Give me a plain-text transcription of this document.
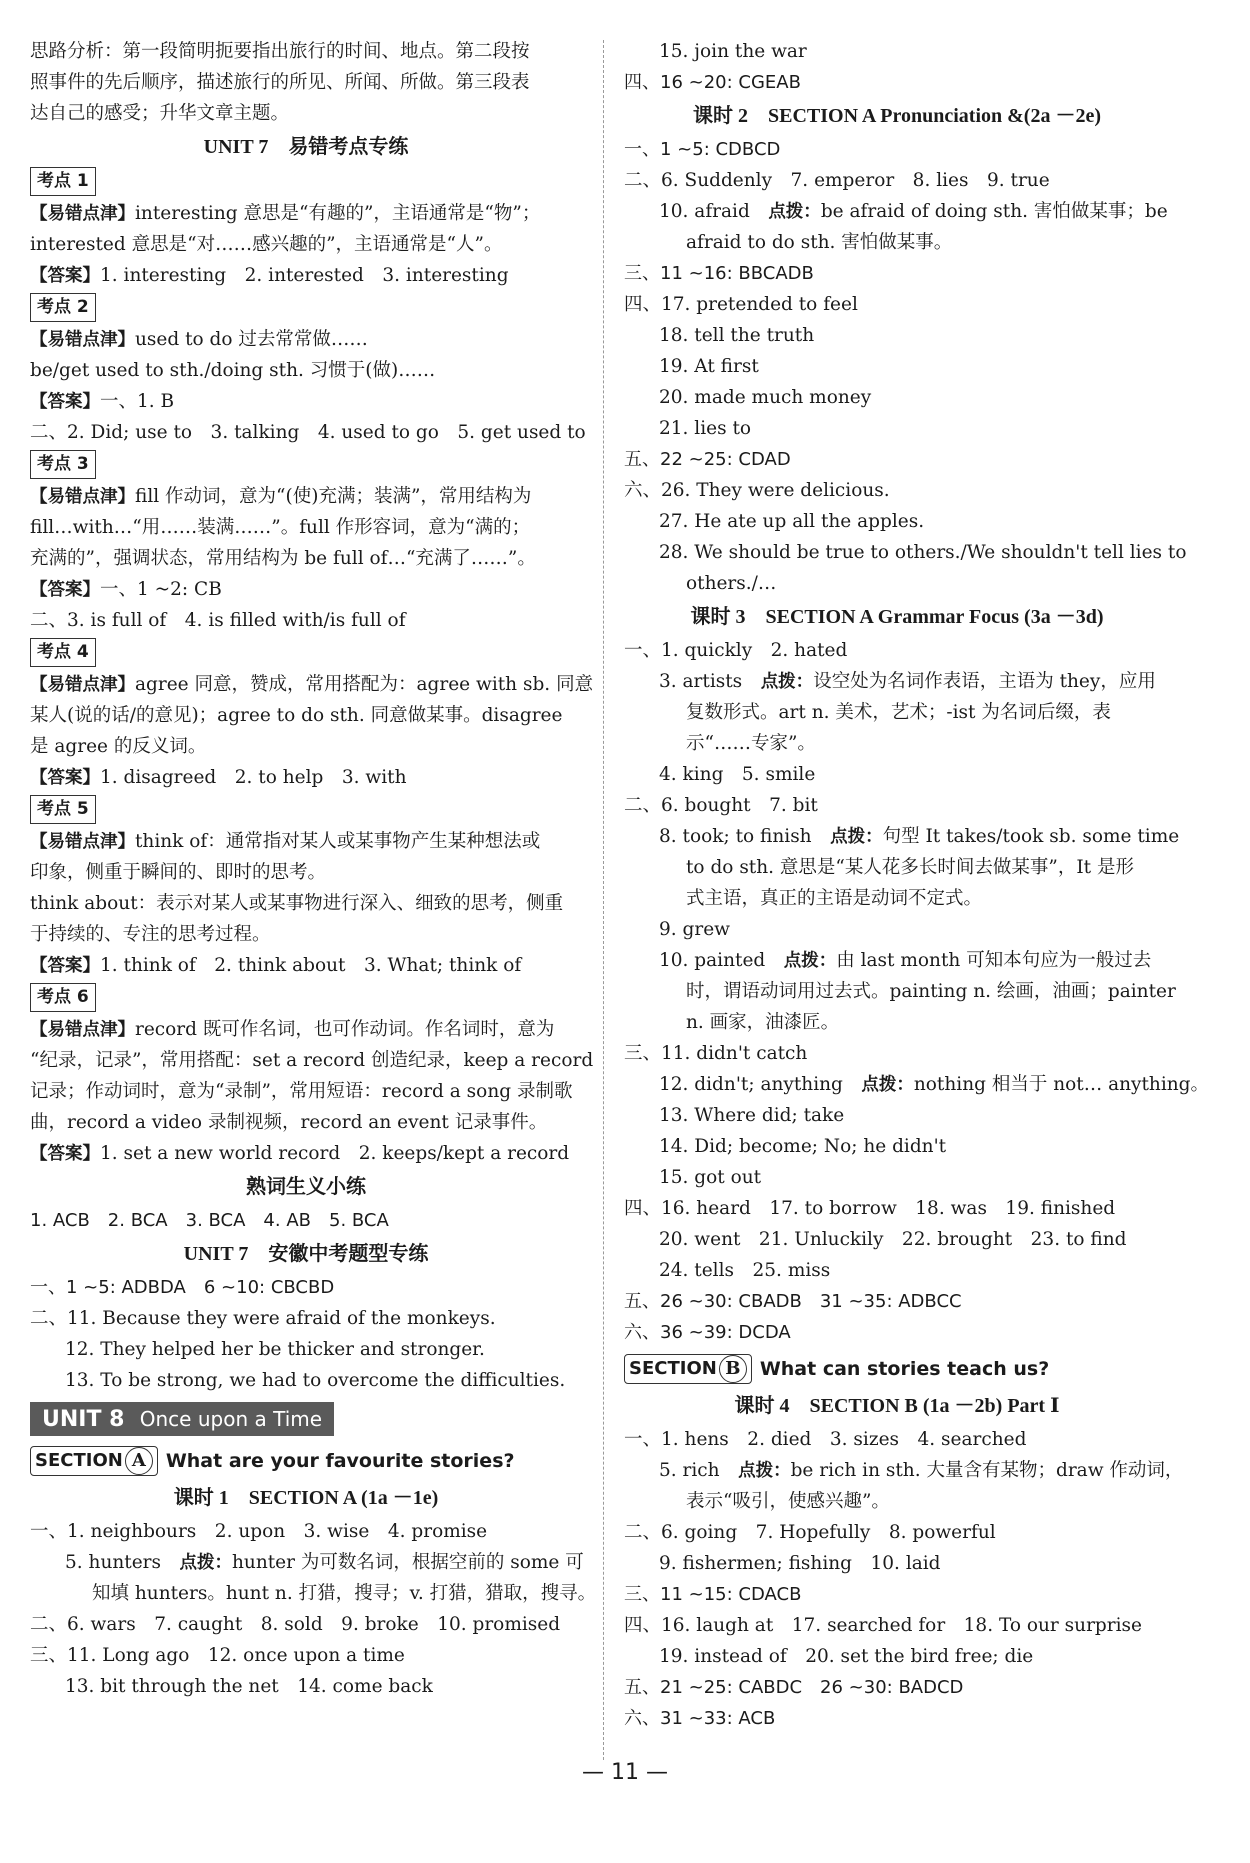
思路分析：第一段简明扼要指出旅行的时间、地点。第二段按
照事件的先后顺序，描述旅行的所见、所闻、所做。第三段表
达自己的感受；升华文章主题。
UNIT 7　易错考点专练
考点 1
【易错点津】interesting 意思是“有趣的”，主语通常是“物”；
interested 意思是“对……感兴趣的”，主语通常是“人”。
【答案】1. interesting　2. interested　3. interesting
考点 2
【易错点津】used to do 过去常常做……
be/get used to sth./doing sth. 习惯于(做)……
【答案】一、1. B
二、2. Did; use to　3. talking　4. used to go　5. get used to
考点 3
【易错点津】fill 作动词，意为“(使)充满；装满”，常用结构为
fill…with…“用……装满……”。full 作形容词，意为“满的；
充满的”，强调状态，常用结构为 be full of…“充满了……”。
【答案】一、1 ~2: CB
二、3. is full of　4. is filled with/is full of
考点 4
【易错点津】agree 同意，赞成，常用搭配为：agree with sb. 同意
某人(说的话/的意见)；agree to do sth. 同意做某事。disagree
是 agree 的反义词。
【答案】1. disagreed　2. to help　3. with
考点 5
【易错点津】think of：通常指对某人或某事物产生某种想法或
印象，侧重于瞬间的、即时的思考。
think about：表示对某人或某事物进行深入、细致的思考，侧重
于持续的、专注的思考过程。
【答案】1. think of　2. think about　3. What; think of
考点 6
【易错点津】record 既可作名词，也可作动词。作名词时，意为
“纪录，记录”，常用搭配：set a record 创造纪录，keep a record
记录；作动词时，意为“录制”，常用短语：record a song 录制歌
曲，record a video 录制视频，record an event 记录事件。
【答案】1. set a new world record　2. keeps/kept a record
熟词生义小练
1. ACB　2. BCA　3. BCA　4. AB　5. BCA
UNIT 7　安徽中考题型专练
一、1 ~5: ADBDA　6 ~10: CBCBD
二、11. Because they were afraid of the monkeys.
12. They helped her be thicker and stronger.
13. To be strong, we had to overcome the difficulties.
UNIT 8 Once upon a Time
SECTION A What are your favourite stories?
课时 1　SECTION A (1a －1e)
一、1. neighbours　2. upon　3. wise　4. promise
5. hunters　点拨：hunter 为可数名词，根据空前的 some 可
知填 hunters。hunt n. 打猎，搜寻；v. 打猎，猎取，搜寻。
二、6. wars　7. caught　8. sold　9. broke　10. promised
三、11. Long ago　12. once upon a time
13. bit through the net　14. come back
15. join the war
四、16 ~20: CGEAB
课时 2　SECTION A Pronunciation &(2a －2e)
一、1 ~5: CDBCD
二、6. Suddenly　7. emperor　8. lies　9. true
10. afraid　点拨：be afraid of doing sth. 害怕做某事；be
afraid to do sth. 害怕做某事。
三、11 ~16: BBCADB
四、17. pretended to feel
18. tell the truth
19. At first
20. made much money
21. lies to
五、22 ~25: CDAD
六、26. They were delicious.
27. He ate up all the apples.
28. We should be true to others./We shouldn't tell lies to
others./…
课时 3　SECTION A Grammar Focus (3a －3d)
一、1. quickly　2. hated
3. artists　点拨：设空处为名词作表语，主语为 they，应用
复数形式。art n. 美术，艺术；-ist 为名词后缀，表
示“……专家”。
4. king　5. smile
二、6. bought　7. bit
8. took; to finish　点拨：句型 It takes/took sb. some time
to do sth. 意思是“某人花多长时间去做某事”，It 是形
式主语，真正的主语是动词不定式。
9. grew
10. painted　点拨：由 last month 可知本句应为一般过去
时，谓语动词用过去式。painting n. 绘画，油画；painter
n. 画家，油漆匠。
三、11. didn't catch
12. didn't; anything　点拨：nothing 相当于 not… anything。
13. Where did; take
14. Did; become; No; he didn't
15. got out
四、16. heard　17. to borrow　18. was　19. finished
20. went　21. Unluckily　22. brought　23. to find
24. tells　25. miss
五、26 ~30: CBADB　31 ~35: ADBCC
六、36 ~39: DCDA
SECTION B What can stories teach us?
课时 4　SECTION B (1a －2b) Part Ⅰ
一、1. hens　2. died　3. sizes　4. searched
5. rich　点拨：be rich in sth. 大量含有某物；draw 作动词，
表示“吸引，使感兴趣”。
二、6. going　7. Hopefully　8. powerful
9. fishermen; fishing　10. laid
三、11 ~15: CDACB
四、16. laugh at　17. searched for　18. To our surprise
19. instead of　20. set the bird free; die
五、21 ~25: CABDC　26 ~30: BADCD
六、31 ~33: ACB
— 11 —
